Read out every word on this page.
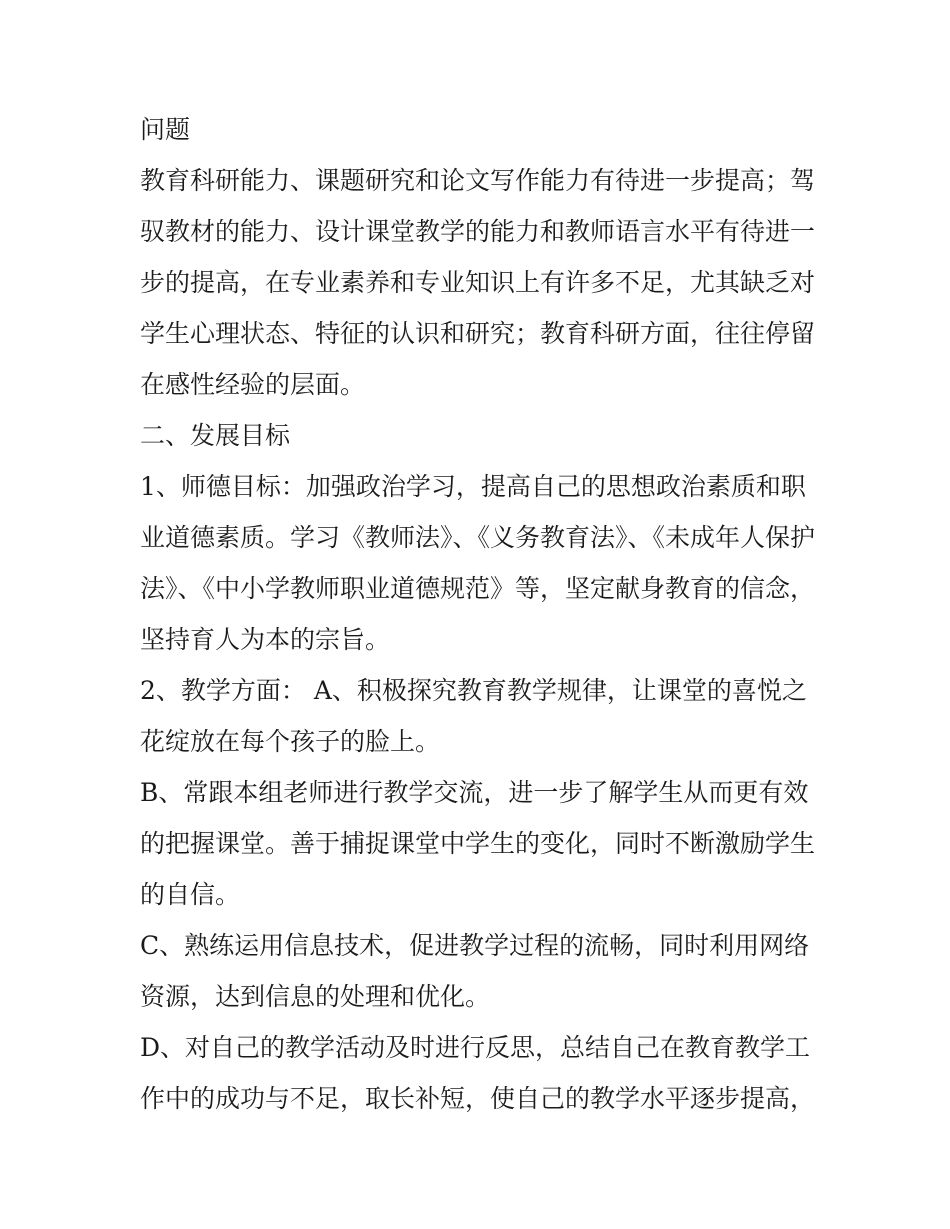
问题

教育科研能力、课题研究和论文写作能力有待进一步提高；驾驭教材的能力、设计课堂教学的能力和教师语言水平有待进一步的提高，在专业素养和专业知识上有许多不足，尤其缺乏对学生心理状态、特征的认识和研究；教育科研方面，往往停留在感性经验的层面。

二、发展目标

1、师德目标：加强政治学习，提高自己的思想政治素质和职业道德素质。学习《教师法》、《义务教育法》、《未成年人保护法》、《中小学教师职业道德规范》等，坚定献身教育的信念，坚持育人为本的宗旨。

2、教学方面： A、积极探究教育教学规律，让课堂的喜悦之花绽放在每个孩子的脸上。

B、常跟本组老师进行教学交流，进一步了解学生从而更有效的把握课堂。善于捕捉课堂中学生的变化，同时不断激励学生的自信。

C、熟练运用信息技术，促进教学过程的流畅，同时利用网络资源，达到信息的处理和优化。

D、对自己的教学活动及时进行反思，总结自己在教育教学工作中的成功与不足，取长补短，使自己的教学水平逐步提高，
